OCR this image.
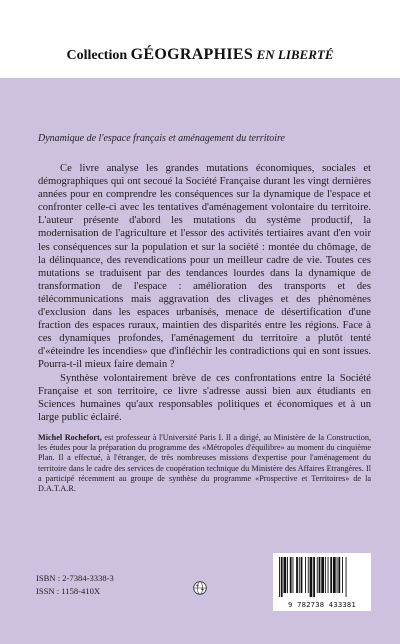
Collection GÉOGRAPHIES EN LIBERTÉ
Dynamique de l'espace français et aménagement du territoire

Ce livre analyse les grandes mutations économiques, sociales et démographiques qui ont secoué la Société Française durant les vingt dernières années pour en comprendre les conséquences sur la dynamique de l'espace et confronter celle-ci avec les tentatives d'aménagement volontaire du territoire. L'auteur présente d'abord les mutations du système productif, la modernisation de l'agriculture et l'essor des activités tertiaires avant d'en voir les conséquences sur la population et sur la société : montée du chômage, de la délinquance, des revendications pour un meilleur cadre de vie. Toutes ces mutations se traduisent par des tendances lourdes dans la dynamique de transformation de l'espace : amélioration des transports et des télécommunications mais aggravation des clivages et des phénomènes d'exclusion dans les espaces urbanisés, menace de désertification d'une fraction des espaces ruraux, maintien des disparités entre les régions. Face à ces dynamiques profondes, l'aménagement du territoire a plutôt tenté d'«éteindre les incendies» que d'infléchir les contradictions qui en sont issues. Pourra-t-il mieux faire demain ?

Synthèse volontairement brève de ces confrontations entre la Société Française et son territoire, ce livre s'adresse aussi bien aux étudiants en Sciences humaines qu'aux responsables politiques et économiques et à un large public éclairé.

Michel Rochefort, est professeur à l'Université Paris I. Il a dirigé, au Ministère de la Construction, les études pour la préparation du programme des «Métropoles d'équilibre» au moment du cinquième Plan. Il a effectué, à l'étranger, de très nombreuses missions d'expertise pour l'aménagement du territoire dans le cadre des services de coopération technique du Ministère des Affaires Etrangères. Il a participé récemment au groupe de synthèse du programme «Prospective et Territoires» de la D.A.T.A.R.
ISBN : 2-7384-3338-3
ISSN : 1158-410X
9 782738 433381
